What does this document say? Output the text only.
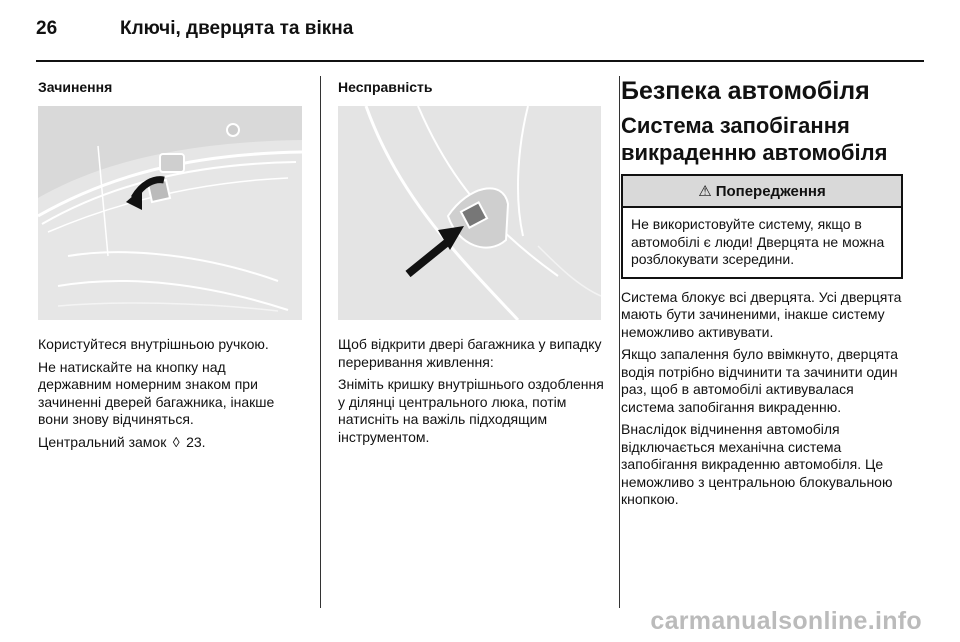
26	Ключі, дверцята та вікна
Зачинення

Користуйтеся внутрішньою ручкою.

Не натискайте на кнопку над державним номерним знаком при зачиненні дверей багажника, інакше вони знову відчиняться.

Центральний замок ◊ 23.

Несправність

Щоб відкрити двері багажника у випадку переривання живлення:

Зніміть кришку внутрішнього оздоблення у ділянці центрального люка, потім натисніть на важіль підходящим інструментом.

Безпека автомобіля
Система запобігання викраденню автомобіля
⚠ Попередження
Не використовуйте систему, якщо в автомобілі є люди! Дверцята не можна розблокувати зсередини.

Система блокує всі дверцята. Усі дверцята мають бути зачиненими, інакше систему неможливо активувати.

Якщо запалення було ввімкнуто, дверцята водія потрібно відчинити та зачинити один раз, щоб в автомобілі активувалася система запобігання викраденню.

Внаслідок відчинення автомобіля відключається механічна система запобігання викраденню автомобіля. Це неможливо з центральною блокувальною кнопкою.

carmanualsonline.info
